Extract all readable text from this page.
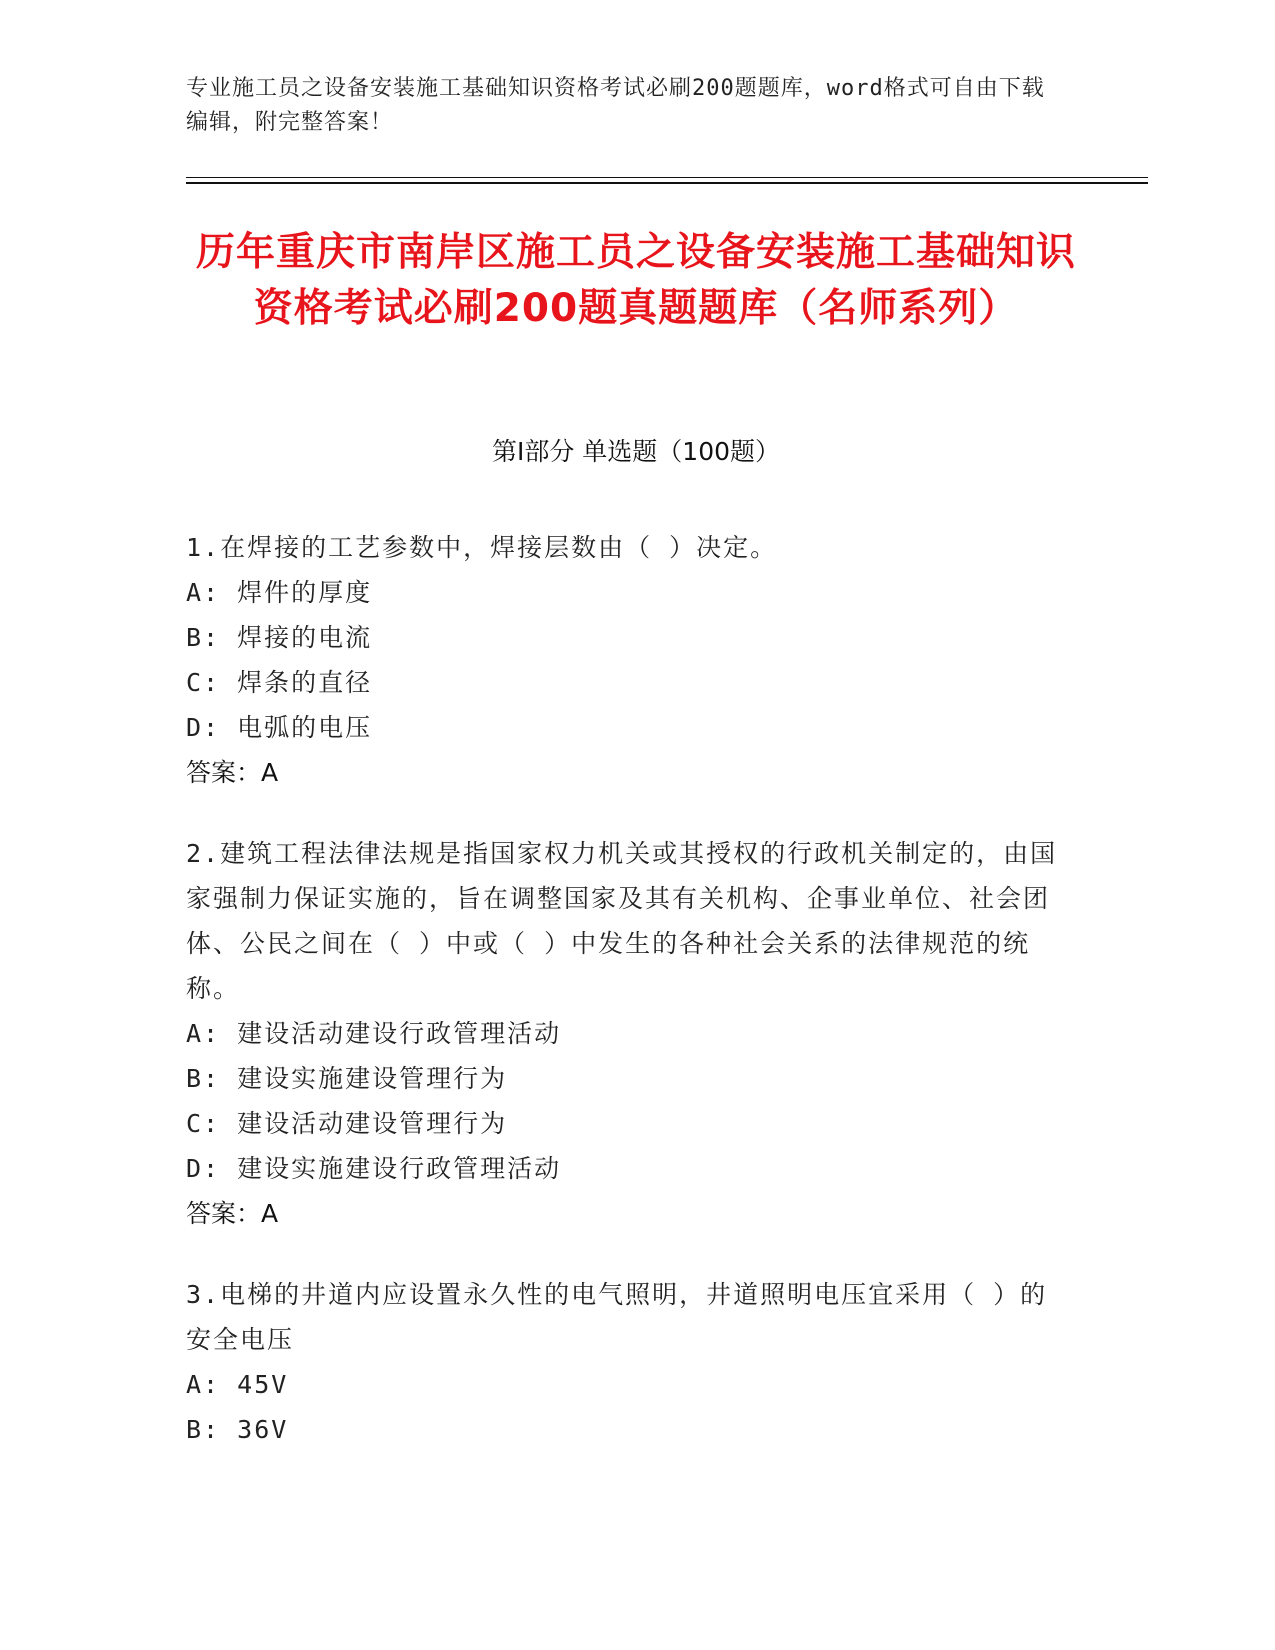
专业施工员之设备安装施工基础知识资格考试必刷200题题库，word格式可自由下载编辑，附完整答案！
历年重庆市南岸区施工员之设备安装施工基础知识资格考试必刷200题真题题库（名师系列）
第Ⅰ部分 单选题（100题）

1.在焊接的工艺参数中，焊接层数由（ ）决定。

A: 焊件的厚度

B: 焊接的电流

C: 焊条的直径

D: 电弧的电压

答案：A

2.建筑工程法律法规是指国家权力机关或其授权的行政机关制定的，由国家强制力保证实施的，旨在调整国家及其有关机构、企事业单位、社会团体、公民之间在（ ）中或（ ）中发生的各种社会关系的法律规范的统称。

A: 建设活动建设行政管理活动

B: 建设实施建设管理行为

C: 建设活动建设管理行为

D: 建设实施建设行政管理活动

答案：A

3.电梯的井道内应设置永久性的电气照明，井道照明电压宜采用（ ）的安全电压

A: 45V

B: 36V
